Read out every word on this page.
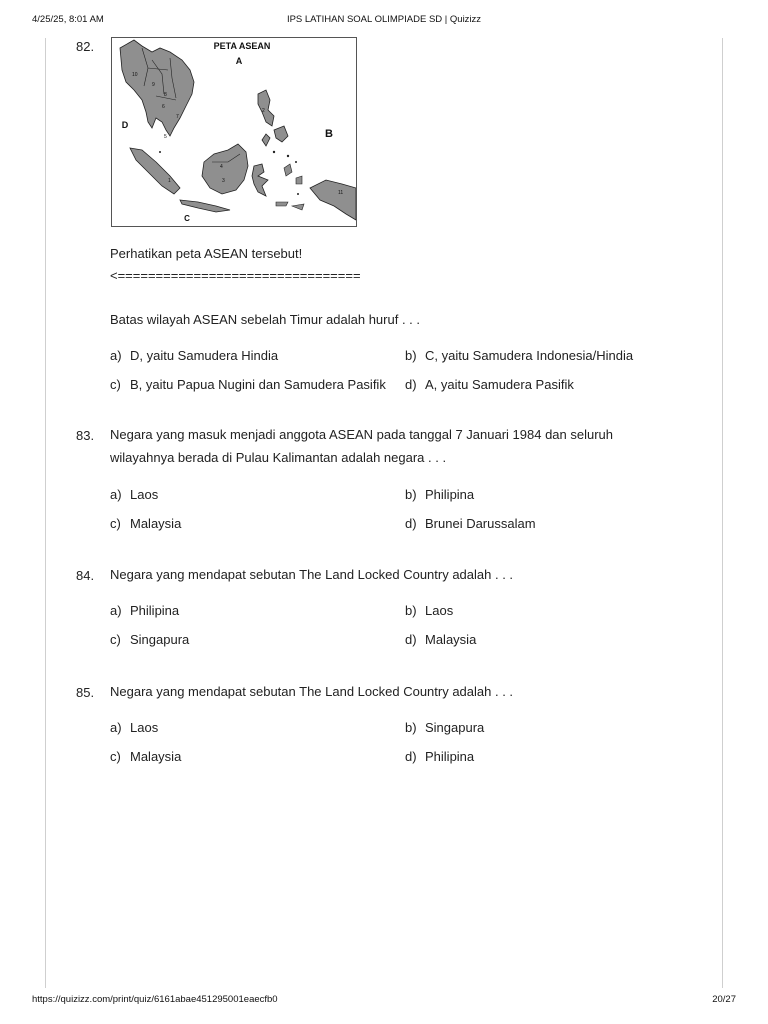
4/25/25, 8:01 AM	IPS LATIHAN SOAL OLIMPIADE SD | Quizizz
82.	PETA ASEAN
A
B
C
D
10
9
8
7
6
5
4
3
2
1
11
Perhatikan peta ASEAN tersebut!
<================================
Batas wilayah ASEAN sebelah Timur adalah huruf . . .
a) D, yaitu Samudera Hindia	b) C, yaitu Samudera Indonesia/Hindia
c) B, yaitu Papua Nugini dan Samudera Pasifik d) A, yaitu Samudera Pasifik
83. Negara yang masuk menjadi anggota ASEAN pada tanggal 7 Januari 1984 dan seluruh
wilayahnya berada di Pulau Kalimantan adalah negara . . .
a) Laos	b) Philipina
c) Malaysia	d) Brunei Darussalam
84. Negara yang mendapat sebutan The Land Locked Country adalah . . .
a) Philipina	b) Laos
c) Singapura	d) Malaysia
85. Negara yang mendapat sebutan The Land Locked Country adalah . . .
a) Laos	b) Singapura
c) Malaysia	d) Philipina
https://quizizz.com/print/quiz/6161abae451295001eaecfb0	20/27
